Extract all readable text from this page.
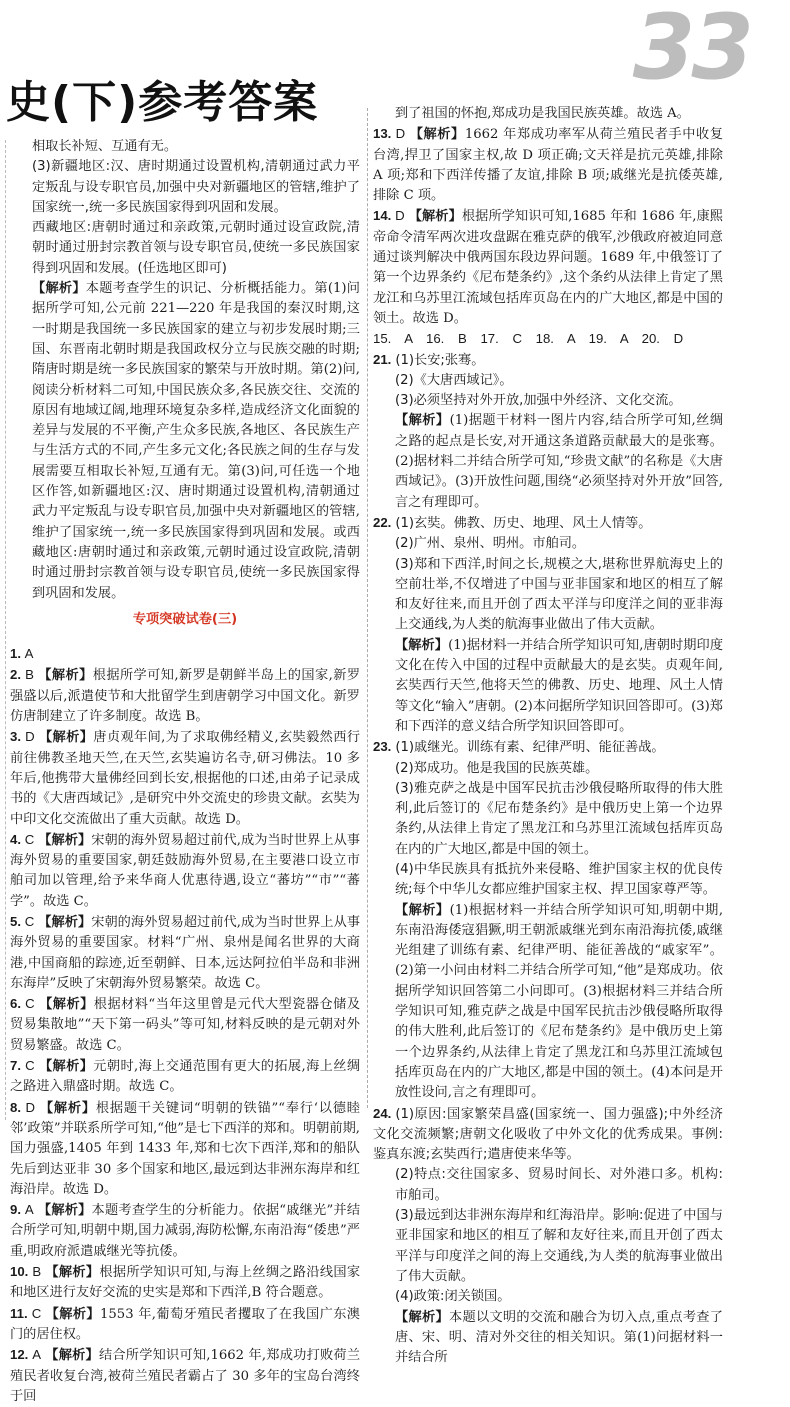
史(下)参考答案
33
相取长补短、互通有无。
(3)新疆地区:汉、唐时期通过设置机构,清朝通过武力平定叛乱与设专职官员,加强中央对新疆地区的管辖,维护了国家统一,统一多民族国家得到巩固和发展。
西藏地区:唐朝时通过和亲政策,元朝时通过设宣政院,清朝时通过册封宗教首领与设专职官员,使统一多民族国家得到巩固和发展。(任选地区即可)
【解析】本题考查学生的识记、分析概括能力。第(1)问据所学可知,公元前 221—220 年是我国的秦汉时期,这一时期是我国统一多民族国家的建立与初步发展时期;三国、东晋南北朝时期是我国政权分立与民族交融的时期;隋唐时期是统一多民族国家的繁荣与开放时期。第(2)问,阅读分析材料二可知,中国民族众多,各民族交往、交流的原因有地域辽阔,地理环境复杂多样,造成经济文化面貌的差异与发展的不平衡,产生众多民族,各地区、各民族生产与生活方式的不同,产生多元文化;各民族之间的生存与发展需要互相取长补短,互通有无。第(3)问,可任选一个地区作答,如新疆地区:汉、唐时期通过设置机构,清朝通过武力平定叛乱与设专职官员,加强中央对新疆地区的管辖,维护了国家统一,统一多民族国家得到巩固和发展。或西藏地区:唐朝时通过和亲政策,元朝时通过设宣政院,清朝时通过册封宗教首领与设专职官员,使统一多民族国家得到巩固和发展。
专项突破试卷(三)
1. A
2. B 【解析】根据所学可知,新罗是朝鲜半岛上的国家,新罗强盛以后,派遣使节和大批留学生到唐朝学习中国文化。新罗仿唐制建立了许多制度。故选 B。
3. D 【解析】唐贞观年间,为了求取佛经精义,玄奘毅然西行前往佛教圣地天竺,在天竺,玄奘遍访名寺,研习佛法。10 多年后,他携带大量佛经回到长安,根据他的口述,由弟子记录成书的《大唐西域记》,是研究中外交流史的珍贵文献。玄奘为中印文化交流做出了重大贡献。故选 D。
4. C 【解析】宋朝的海外贸易超过前代,成为当时世界上从事海外贸易的重要国家,朝廷鼓励海外贸易,在主要港口设立市舶司加以管理,给予来华商人优惠待遇,设立“蕃坊”“市”“蕃学”。故选 C。
5. C 【解析】宋朝的海外贸易超过前代,成为当时世界上从事海外贸易的重要国家。材料“广州、泉州是闻名世界的大商港,中国商船的踪迹,近至朝鲜、日本,远达阿拉伯半岛和非洲东海岸”反映了宋朝海外贸易繁荣。故选 C。
6. C 【解析】根据材料“当年这里曾是元代大型瓷器仓储及贸易集散地”“天下第一码头”等可知,材料反映的是元朝对外贸易繁盛。故选 C。
7. C 【解析】元朝时,海上交通范围有更大的拓展,海上丝绸之路进入鼎盛时期。故选 C。
8. D 【解析】根据题干关键词“明朝的铁锚”“奉行‘以德睦邻’政策”并联系所学可知,“他”是七下西洋的郑和。明朝前期,国力强盛,1405 年到 1433 年,郑和七次下西洋,郑和的船队先后到达亚非 30 多个国家和地区,最远到达非洲东海岸和红海沿岸。故选 D。
9. A 【解析】本题考查学生的分析能力。依据“戚继光”并结合所学可知,明朝中期,国力减弱,海防松懈,东南沿海“倭患”严重,明政府派遣戚继光等抗倭。
10. B 【解析】根据所学知识可知,与海上丝绸之路沿线国家和地区进行友好交流的史实是郑和下西洋,B 符合题意。
11. C 【解析】1553 年,葡萄牙殖民者攫取了在我国广东澳门的居住权。
12. A 【解析】结合所学知识可知,1662 年,郑成功打败荷兰殖民者收复台湾,被荷兰殖民者霸占了 30 多年的宝岛台湾终于回
到了祖国的怀抱,郑成功是我国民族英雄。故选 A。
13. D 【解析】1662 年郑成功率军从荷兰殖民者手中收复台湾,捍卫了国家主权,故 D 项正确;文天祥是抗元英雄,排除 A 项;郑和下西洋传播了友谊,排除 B 项;戚继光是抗倭英雄,排除 C 项。
14. D 【解析】根据所学知识可知,1685 年和 1686 年,康熙帝命令清军两次进攻盘踞在雅克萨的俄军,沙俄政府被迫同意通过谈判解决中俄两国东段边界问题。1689 年,中俄签订了第一个边界条约《尼布楚条约》,这个条约从法律上肯定了黑龙江和乌苏里江流域包括库页岛在内的广大地区,都是中国的领土。故选 D。
15. A 16. B 17. C 18. A 19. A 20. D
21. (1)长安;张骞。
(2)《大唐西域记》。
(3)必须坚持对外开放,加强中外经济、文化交流。
【解析】(1)据题干材料一图片内容,结合所学可知,丝绸之路的起点是长安,对开通这条道路贡献最大的是张骞。(2)据材料二并结合所学可知,“珍贵文献”的名称是《大唐西域记》。(3)开放性问题,围绕“必须坚持对外开放”回答,言之有理即可。
22. (1)玄奘。佛教、历史、地理、风土人情等。
(2)广州、泉州、明州。市舶司。
(3)郑和下西洋,时间之长,规模之大,堪称世界航海史上的空前壮举,不仅增进了中国与亚非国家和地区的相互了解和友好往来,而且开创了西太平洋与印度洋之间的亚非海上交通线,为人类的航海事业做出了伟大贡献。
【解析】(1)据材料一并结合所学知识可知,唐朝时期印度文化在传入中国的过程中贡献最大的是玄奘。贞观年间,玄奘西行天竺,他将天竺的佛教、历史、地理、风土人情等文化“输入”唐朝。(2)本问据所学知识回答即可。(3)郑和下西洋的意义结合所学知识回答即可。
23. (1)戚继光。训练有素、纪律严明、能征善战。
(2)郑成功。他是我国的民族英雄。
(3)雅克萨之战是中国军民抗击沙俄侵略所取得的伟大胜利,此后签订的《尼布楚条约》是中俄历史上第一个边界条约,从法律上肯定了黑龙江和乌苏里江流域包括库页岛在内的广大地区,都是中国的领土。
(4)中华民族具有抵抗外来侵略、维护国家主权的优良传统;每个中华儿女都应维护国家主权、捍卫国家尊严等。
【解析】(1)根据材料一并结合所学知识可知,明朝中期,东南沿海倭寇猖獗,明王朝派戚继光到东南沿海抗倭,戚继光组建了训练有素、纪律严明、能征善战的“戚家军”。(2)第一小问由材料二并结合所学可知,“他”是郑成功。依据所学知识回答第二小问即可。(3)根据材料三并结合所学知识可知,雅克萨之战是中国军民抗击沙俄侵略所取得的伟大胜利,此后签订的《尼布楚条约》是中俄历史上第一个边界条约,从法律上肯定了黑龙江和乌苏里江流域包括库页岛在内的广大地区,都是中国的领土。(4)本问是开放性设问,言之有理即可。
24. (1)原因:国家繁荣昌盛(国家统一、国力强盛);中外经济文化交流频繁;唐朝文化吸收了中外文化的优秀成果。事例:鉴真东渡;玄奘西行;遣唐使来华等。
(2)特点:交往国家多、贸易时间长、对外港口多。机构:市舶司。
(3)最远到达非洲东海岸和红海沿岸。影响:促进了中国与亚非国家和地区的相互了解和友好往来,而且开创了西太平洋与印度洋之间的海上交通线,为人类的航海事业做出了伟大贡献。
(4)政策:闭关锁国。
【解析】本题以文明的交流和融合为切入点,重点考查了唐、宋、明、清对外交往的相关知识。第(1)问据材料一并结合所
